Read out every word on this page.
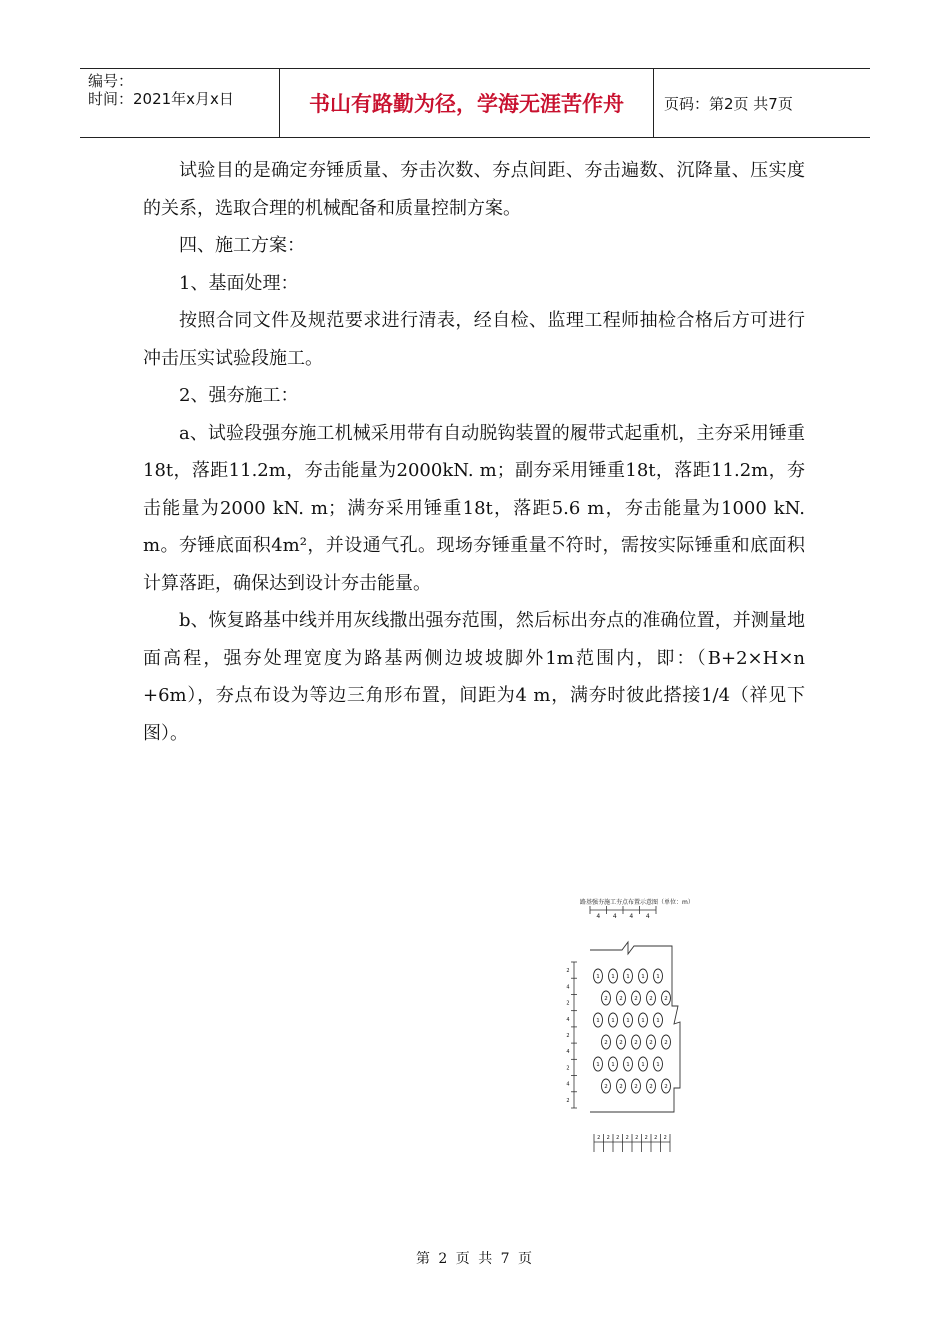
编号：
时间：2021年x月x日	书山有路勤为径，学海无涯苦作舟	页码：第2页 共7页

试验目的是确定夯锤质量、夯击次数、夯点间距、夯击遍数、沉降量、压实度的关系，选取合理的机械配备和质量控制方案。

四、施工方案：

1、基面处理：

按照合同文件及规范要求进行清表，经自检、监理工程师抽检合格后方可进行冲击压实试验段施工。

2、强夯施工：

a、试验段强夯施工机械采用带有自动脱钩装置的履带式起重机，主夯采用锤重18t，落距11.2m，夯击能量为2000kN. m；副夯采用锤重18t，落距11.2m，夯击能量为2000 kN. m；满夯采用锤重18t，落距5.6 m，夯击能量为1000 kN. m。夯锤底面积4m²，并设通气孔。现场夯锤重量不符时，需按实际锤重和底面积计算落距，确保达到设计夯击能量。

b、恢复路基中线并用灰线撒出强夯范围，然后标出夯点的准确位置，并测量地面高程，强夯处理宽度为路基两侧边坡坡脚外1m范围内，即：（B+2×H×n +6m），夯点布设为等边三角形布置，间距为4 m，满夯时彼此搭接1/4（祥见下图）。

路基强夯施工夯点布置示意图（单位：m）
4 4 4 4
2
4
2
4
2
4
2
4
2
1 1 1 1 1
2 2 2 2 2
1 1 1 1 1
2 2 2 2 2
1 1 1 1 1
2 2 2 2 2
2 2 2 2 2 2 2 2
第 2 页 共 7 页
